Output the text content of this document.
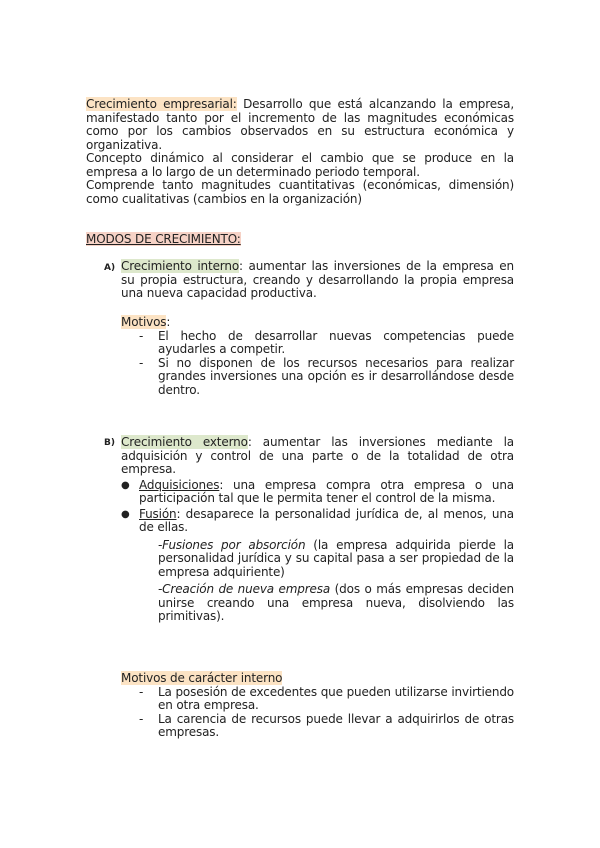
Crecimiento empresarial: Desarrollo que está alcanzando la empresa, manifestado tanto por el incremento de las magnitudes económicas como por los cambios observados en su estructura económica y organizativa.

Concepto dinámico al considerar el cambio que se produce en la empresa a lo largo de un determinado periodo temporal.

Comprende tanto magnitudes cuantitativas (económicas, dimensión) como cualitativas (cambios en la organización)

MODOS DE CRECIMIENTO:
A) Crecimiento interno: aumentar las inversiones de la empresa en su propia estructura, creando y desarrollando la propia empresa una nueva capacidad productiva.

Motivos:

- El hecho de desarrollar nuevas competencias puede ayudarles a competir.
- Si no disponen de los recursos necesarios para realizar grandes inversiones una opción es ir desarrollándose desde dentro.
B) Crecimiento externo: aumentar las inversiones mediante la adquisición y control de una parte o de la totalidad de otra empresa.

● Adquisiciones: una empresa compra otra empresa o una participación tal que le permita tener el control de la misma.
● Fusión: desaparece la personalidad jurídica de, al menos, una de ellas.

-Fusiones por absorción (la empresa adquirida pierde la personalidad jurídica y su capital pasa a ser propiedad de la empresa adquiriente)

-Creación de nueva empresa (dos o más empresas deciden unirse creando una empresa nueva, disolviendo las primitivas).

Motivos de carácter interno

- La posesión de excedentes que pueden utilizarse invirtiendo en otra empresa.
- La carencia de recursos puede llevar a adquirirlos de otras empresas.
